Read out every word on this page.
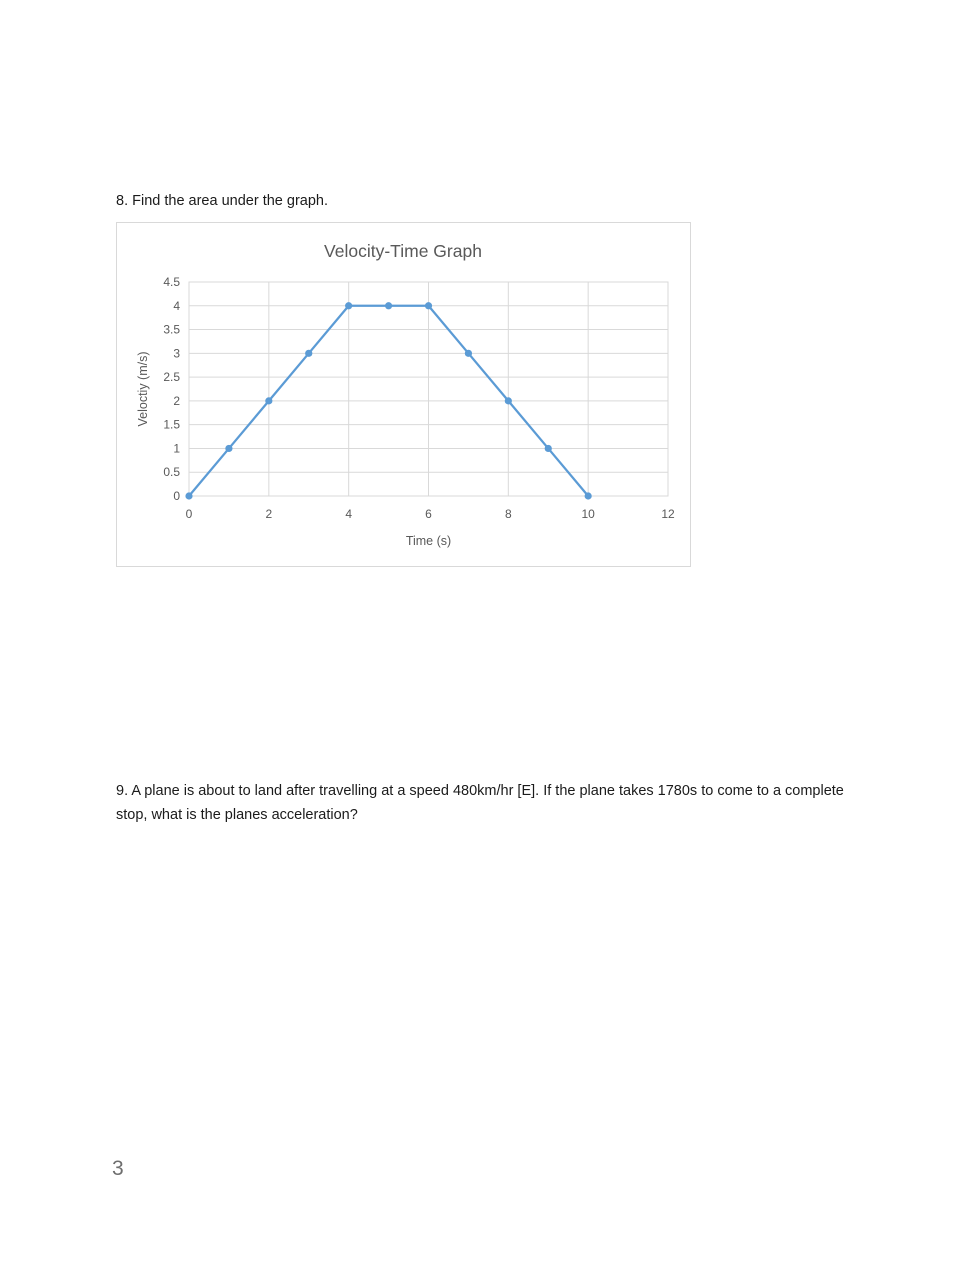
8. Find the area under the graph.

0
0.5
1
1.5
2
2.5
3
3.5
4
4.5
0	2	4	6	8	10	12
Velocity-Time Graph
Time (s)
Veloctiy (m/s)

9. A plane is about to land after travelling at a speed 480km/hr [E]. If the plane takes 1780s to come to a complete stop, what is the planes acceleration?

3
